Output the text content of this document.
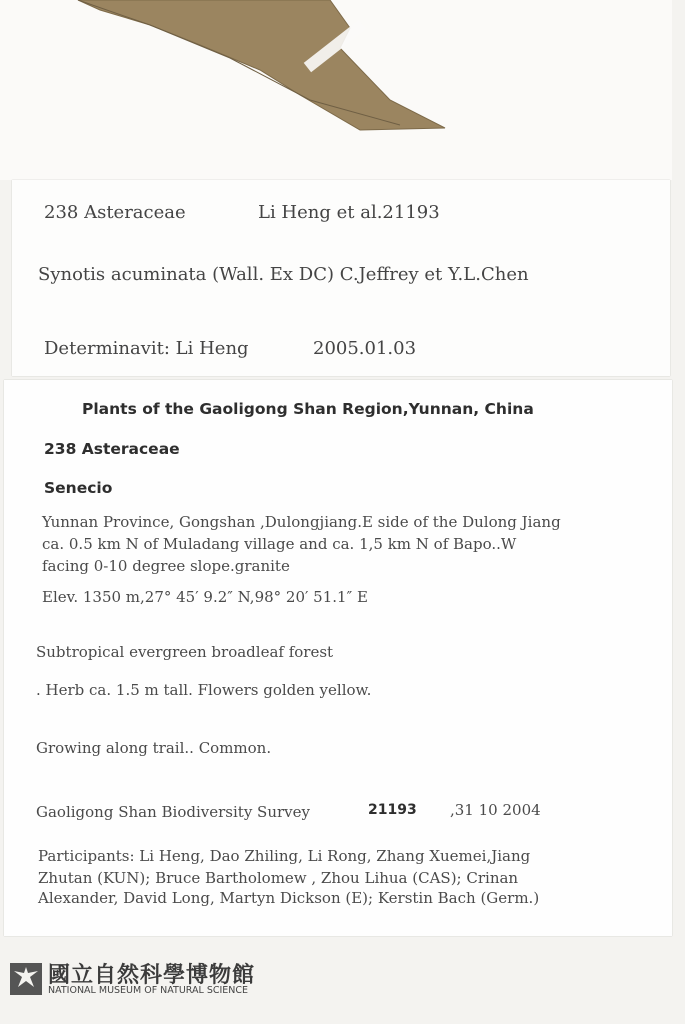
238 Asteraceae	Li Heng et al.21193
Synotis acuminata (Wall. Ex DC) C.Jeffrey et Y.L.Chen
Determinavit: Li Heng	2005.01.03
Plants of the Gaoligong Shan Region,Yunnan, China
238 Asteraceae
Senecio
Yunnan Province, Gongshan ,Dulongjiang.E side of the Dulong Jiang
ca. 0.5 km N of Muladang village and ca. 1,5 km N of Bapo..W
facing 0-10 degree slope.granite
Elev. 1350 m,27° 45′ 9.2″ N,98° 20′ 51.1″ E
Subtropical evergreen broadleaf forest
. Herb ca. 1.5 m tall. Flowers golden yellow.
Growing along trail.. Common.
Gaoligong Shan Biodiversity Survey	21193 ,31 10 2004
Participants: Li Heng, Dao Zhiling, Li Rong, Zhang Xuemei,Jiang
Zhutan (KUN); Bruce Bartholomew , Zhou Lihua (CAS); Crinan
Alexander, David Long, Martyn Dickson (E); Kerstin Bach (Germ.)
國立自然科學博物館
NATIONAL MUSEUM OF NATURAL SCIENCE
